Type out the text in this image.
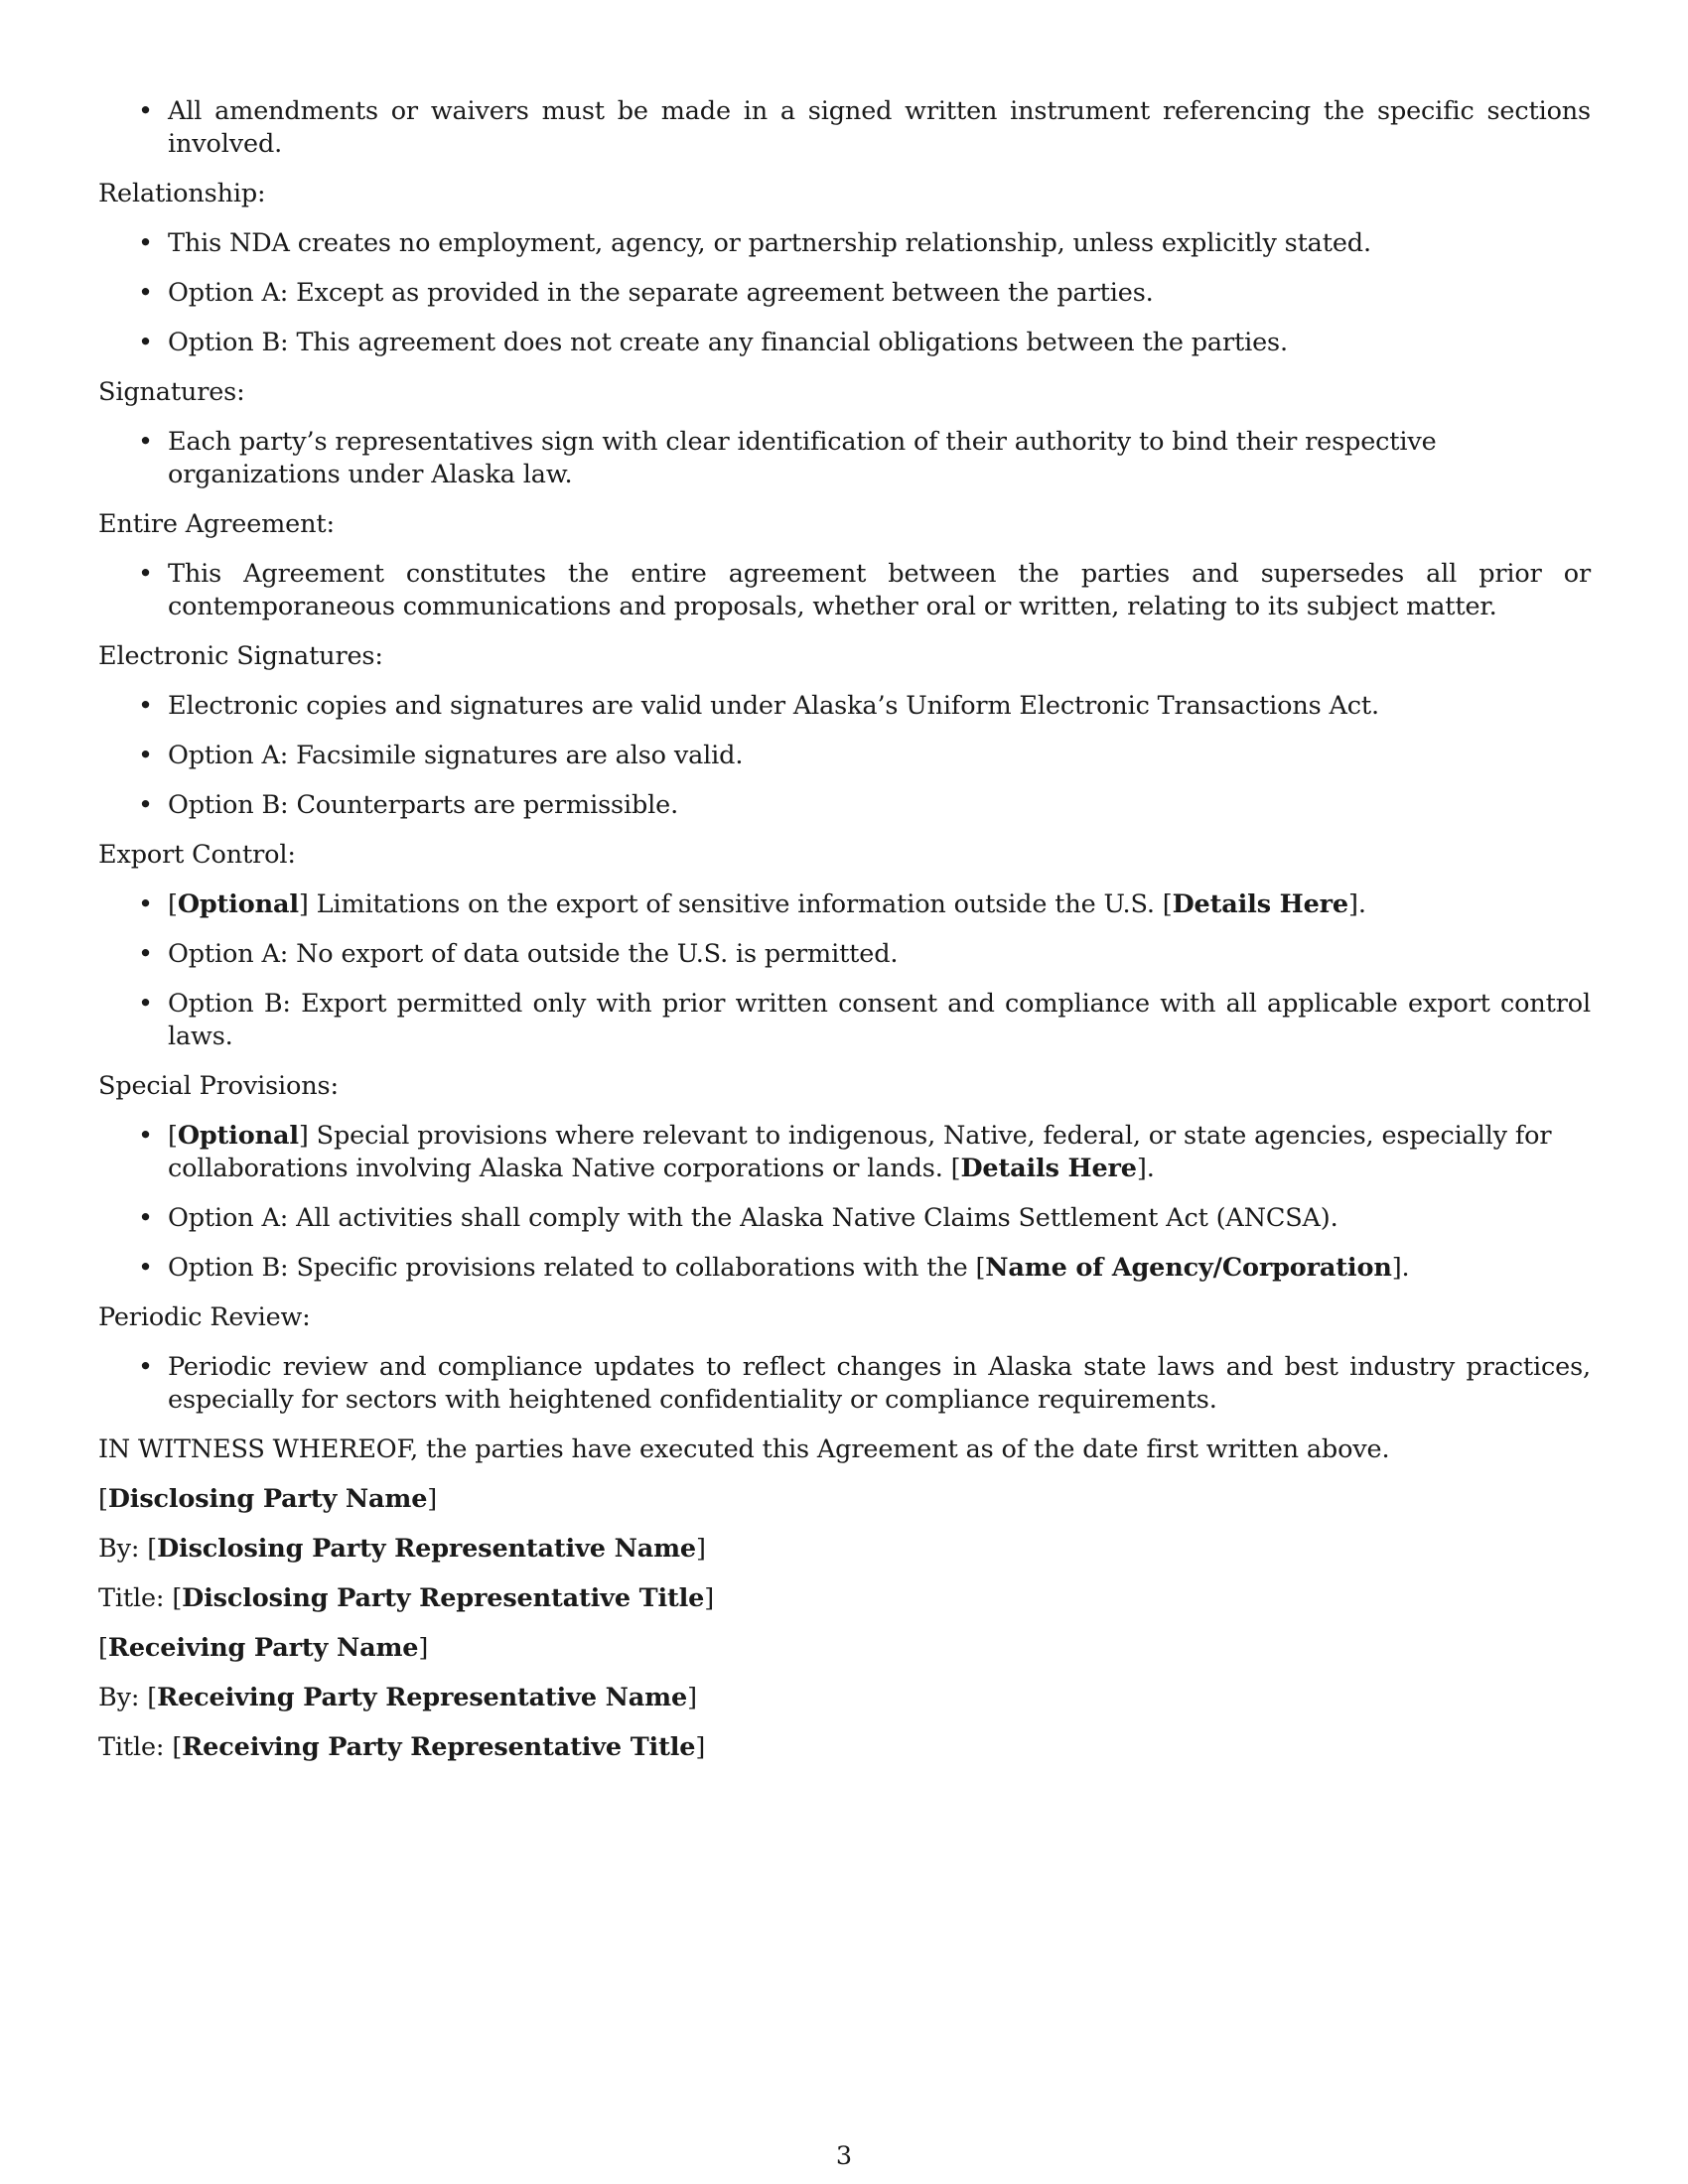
• All amendments or waivers must be made in a signed written instrument referencing the specific sections involved.
Relationship:
• This NDA creates no employment, agency, or partnership relationship, unless explicitly stated.
• Option A: Except as provided in the separate agreement between the parties.
• Option B: This agreement does not create any financial obligations between the parties.
Signatures:
• Each party’s representatives sign with clear identification of their authority to bind their respective organizations under Alaska law.
Entire Agreement:
• This Agreement constitutes the entire agreement between the parties and supersedes all prior or contemporaneous communications and proposals, whether oral or written, relating to its subject matter.
Electronic Signatures:
• Electronic copies and signatures are valid under Alaska’s Uniform Electronic Transactions Act.
• Option A: Facsimile signatures are also valid.
• Option B: Counterparts are permissible.
Export Control:
• [Optional] Limitations on the export of sensitive information outside the U.S. [Details Here].
• Option A: No export of data outside the U.S. is permitted.
• Option B: Export permitted only with prior written consent and compliance with all applicable export control laws.
Special Provisions:
• [Optional] Special provisions where relevant to indigenous, Native, federal, or state agencies, especially for collaborations involving Alaska Native corporations or lands. [Details Here].
• Option A: All activities shall comply with the Alaska Native Claims Settlement Act (ANCSA).
• Option B: Specific provisions related to collaborations with the [Name of Agency/Corporation].
Periodic Review:
• Periodic review and compliance updates to reflect changes in Alaska state laws and best industry practices, especially for sectors with heightened confidentiality or compliance requirements.
IN WITNESS WHEREOF, the parties have executed this Agreement as of the date first written above.
[Disclosing Party Name]
By: [Disclosing Party Representative Name]
Title: [Disclosing Party Representative Title]
[Receiving Party Name]
By: [Receiving Party Representative Name]
Title: [Receiving Party Representative Title]
3
